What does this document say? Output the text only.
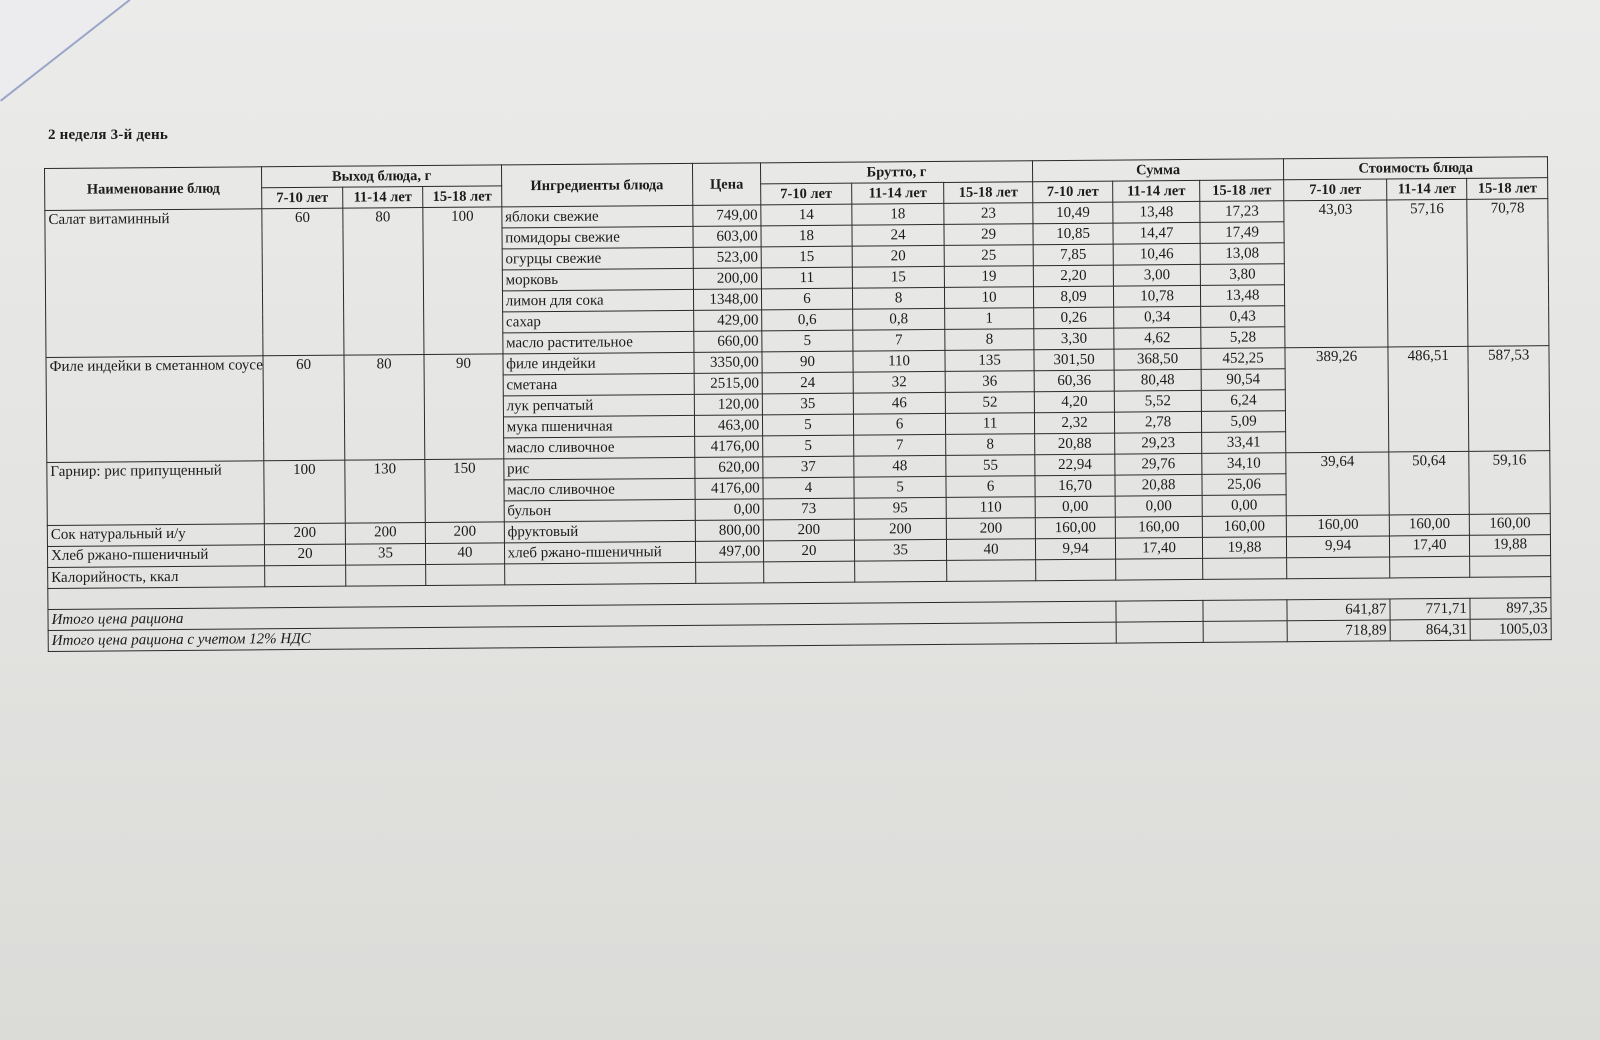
2 неделя 3-й день
Наименование блюд	Выход блюда, г			Ингредиенты блюда	Цена	Брутто, г			Сумма			Стоимость блюда		
	7-10 лет	11-14 лет	15-18 лет			7-10 лет	11-14 лет	15-18 лет	7-10 лет	11-14 лет	15-18 лет	7-10 лет	11-14 лет	15-18 лет
Салат витаминный	60	80	100	яблоки свежие	749,00	14	18	23	10,49	13,48	17,23	43,03	57,16	70,78
				помидоры свежие	603,00	18	24	29	10,85	14,47	17,49			
				огурцы свежие	523,00	15	20	25	7,85	10,46	13,08			
				морковь	200,00	11	15	19	2,20	3,00	3,80			
				лимон для сока	1348,00	6	8	10	8,09	10,78	13,48			
				сахар	429,00	0,6	0,8	1	0,26	0,34	0,43			
				масло растительное	660,00	5	7	8	3,30	4,62	5,28			
Филе индейки в сметанном соусе	60	80	90	филе индейки	3350,00	90	110	135	301,50	368,50	452,25	389,26	486,51	587,53
				сметана	2515,00	24	32	36	60,36	80,48	90,54			
				лук репчатый	120,00	35	46	52	4,20	5,52	6,24			
				мука пшеничная	463,00	5	6	11	2,32	2,78	5,09			
				масло сливочное	4176,00	5	7	8	20,88	29,23	33,41			
Гарнир: рис припущенный	100	130	150	рис	620,00	37	48	55	22,94	29,76	34,10	39,64	50,64	59,16
				масло сливочное	4176,00	4	5	6	16,70	20,88	25,06			
				бульон	0,00	73	95	110	0,00	0,00	0,00			
Сок натуральный и/у	200	200	200	фруктовый	800,00	200	200	200	160,00	160,00	160,00	160,00	160,00	160,00
Хлеб ржано-пшеничный	20	35	40	хлеб ржано-пшеничный	497,00	20	35	40	9,94	17,40	19,88	9,94	17,40	19,88
Калорийность, ккал														

Итого цена рациона												641,87	771,71	897,35
Итого цена рациона с учетом 12% НДС												718,89	864,31	1005,03
